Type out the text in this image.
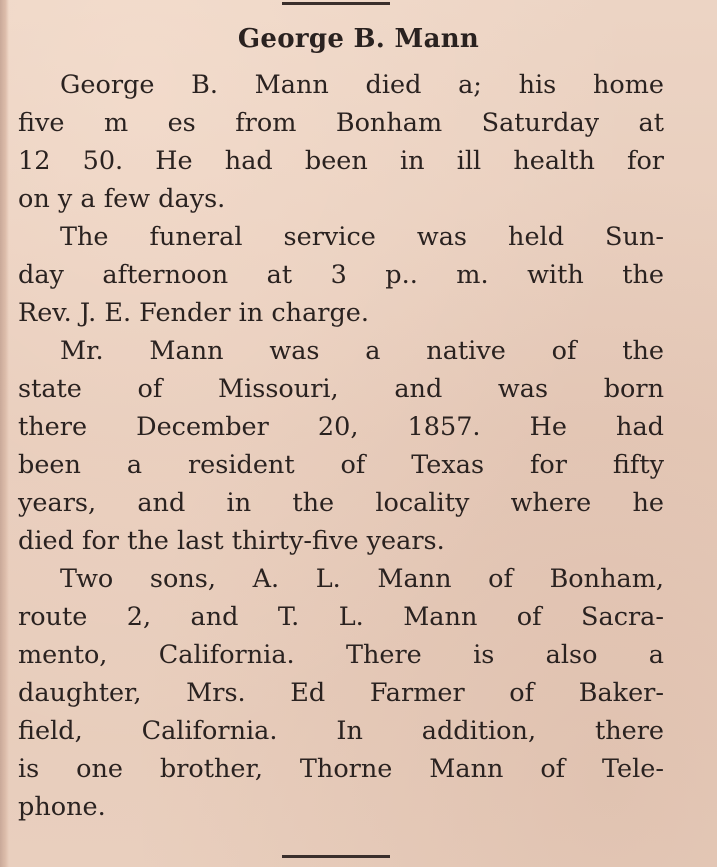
George B. Mann

George B. Mann died a; his home
five m es from Bonham Saturday at
12 50. He had been in ill health for
on y a few days.

The funeral service was held Sun-
day afternoon at 3 p.. m. with the
Rev. J. E. Fender in charge.

Mr. Mann was a native of the
state of Missouri, and was born
there December 20, 1857. He had
been a resident of Texas for fifty
years, and in the locality where he
died for the last thirty-five years.

Two sons, A. L. Mann of Bonham,
route 2, and T. L. Mann of Sacra-
mento, California. There is also a
daughter, Mrs. Ed Farmer of Baker-
field, California. In addition, there
is one brother, Thorne Mann of Tele-
phone.
